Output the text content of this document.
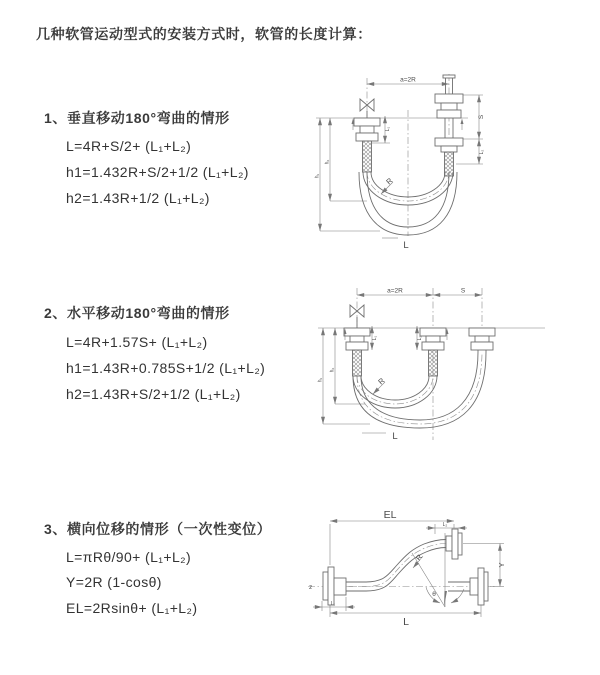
几种软管运动型式的安装方式时，软管的长度计算：
1、垂直移动180°弯曲的情形
L=4R+S/2+ (L₁+L₂)
h1=1.432R+S/2+1/2 (L₁+L₂)
h2=1.43R+1/2 (L₁+L₂)
2、水平移动180°弯曲的情形
L=4R+1.57S+ (L₁+L₂)
h1=1.43R+0.785S+1/2 (L₁+L₂)
h2=1.43R+S/2+1/2 (L₁+L₂)
3、横向位移的情形（一次性变位）
L=πRθ/90+ (L₁+L₂)
Y=2R (1-cosθ)
EL=2Rsinθ+ (L₁+L₂)
a=2R
S
L₂
L₁
h₁
h₂
R
L
a=2R	S
L₁	L₂
h₁
h₂
R
L
z
EL
L₂
Y
θ
R
L
L₁
